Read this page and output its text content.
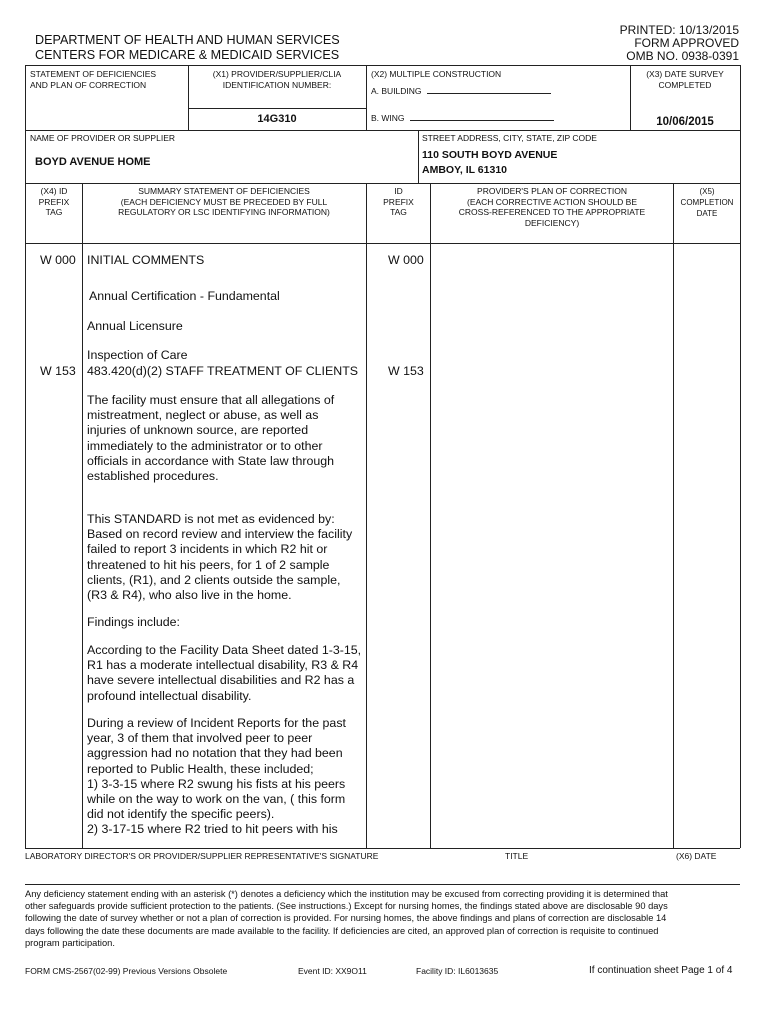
DEPARTMENT OF HEALTH AND HUMAN SERVICES
CENTERS FOR MEDICARE & MEDICAID SERVICES
PRINTED: 10/13/2015
FORM APPROVED
OMB NO. 0938-0391
STATEMENT OF DEFICIENCIES
AND PLAN OF CORRECTION
(X1) PROVIDER/SUPPLIER/CLIA
IDENTIFICATION NUMBER:
14G310
(X2) MULTIPLE CONSTRUCTION
A. BUILDING
B. WING
(X3) DATE SURVEY
COMPLETED
10/06/2015
NAME OF PROVIDER OR SUPPLIER
BOYD AVENUE HOME
STREET ADDRESS, CITY, STATE, ZIP CODE
110 SOUTH BOYD AVENUE
AMBOY, IL 61310
(X4) ID
PREFIX
TAG
SUMMARY STATEMENT OF DEFICIENCIES
(EACH DEFICIENCY MUST BE PRECEDED BY FULL
REGULATORY OR LSC IDENTIFYING INFORMATION)
ID
PREFIX
TAG
PROVIDER'S PLAN OF CORRECTION
(EACH CORRECTIVE ACTION SHOULD BE
CROSS-REFERENCED TO THE APPROPRIATE
DEFICIENCY)
(X5)
COMPLETION
DATE
W 000 INITIAL COMMENTS	W 000
Annual Certification - Fundamental
Annual Licensure
Inspection of Care
W 153 483.420(d)(2) STAFF TREATMENT OF CLIENTS W 153
The facility must ensure that all allegations of
mistreatment, neglect or abuse, as well as
injuries of unknown source, are reported
immediately to the administrator or to other
officials in accordance with State law through
established procedures.
This STANDARD is not met as evidenced by:
Based on record review and interview the facility
failed to report 3 incidents in which R2 hit or
threatened to hit his peers, for 1 of 2 sample
clients, (R1), and 2 clients outside the sample,
(R3 & R4), who also live in the home.
Findings include:
According to the Facility Data Sheet dated 1-3-15,
R1 has a moderate intellectual disability, R3 & R4
have severe intellectual disabilities and R2 has a
profound intellectual disability.
During a review of Incident Reports for the past
year, 3 of them that involved peer to peer
aggression had no notation that they had been
reported to Public Health, these included;
1) 3-3-15 where R2 swung his fists at his peers
while on the way to work on the van, ( this form
did not identify the specific peers).
2) 3-17-15 where R2 tried to hit peers with his
LABORATORY DIRECTOR'S OR PROVIDER/SUPPLIER REPRESENTATIVE'S SIGNATURE	TITLE	(X6) DATE
Any deficiency statement ending with an asterisk (*) denotes a deficiency which the institution may be excused from correcting providing it is determined that
other safeguards provide sufficient protection to the patients. (See instructions.) Except for nursing homes, the findings stated above are disclosable 90 days
following the date of survey whether or not a plan of correction is provided. For nursing homes, the above findings and plans of correction are disclosable 14
days following the date these documents are made available to the facility. If deficiencies are cited, an approved plan of correction is requisite to continued
program participation.
FORM CMS-2567(02-99) Previous Versions Obsolete	Event ID: XX9O11	Facility ID: IL6013635	If continuation sheet Page 1 of 4
